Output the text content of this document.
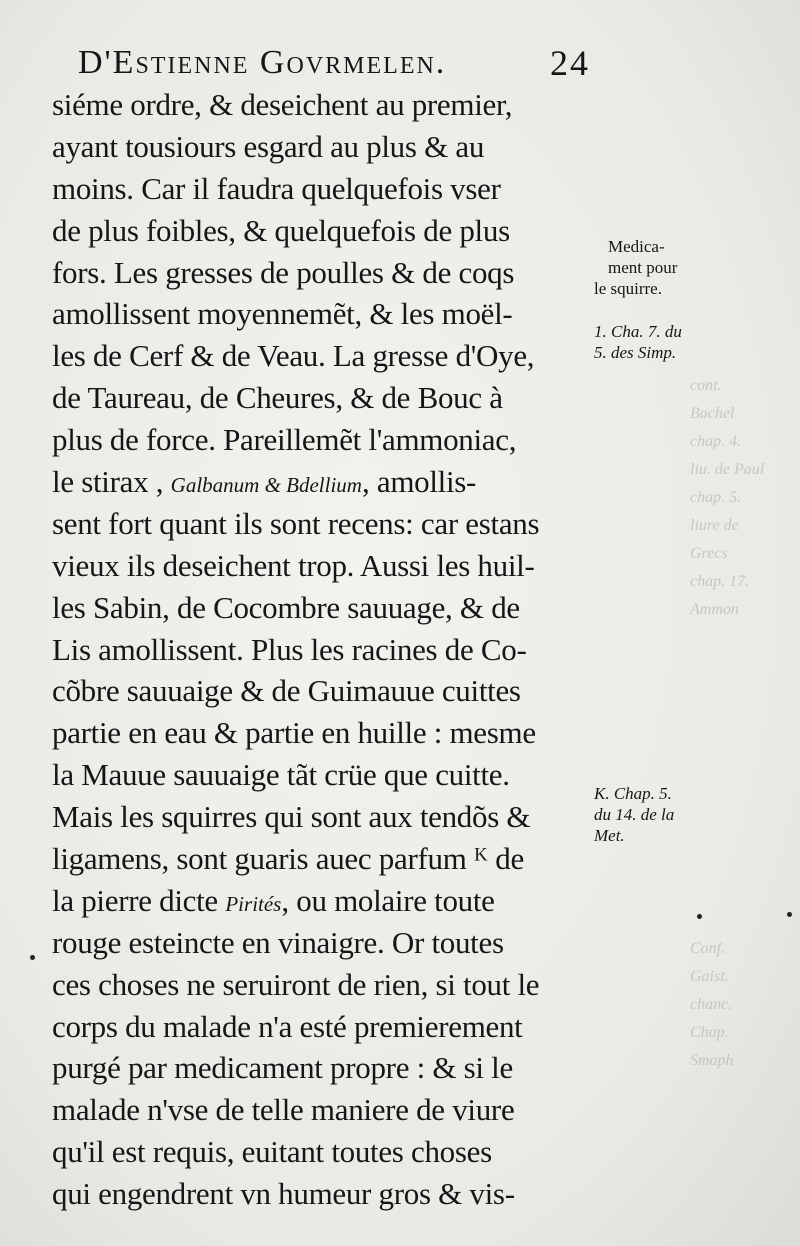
D'Estienne Govrmelen.	24
siéme ordre, & deseichent au premier,
ayant tousiours esgard au plus & au
moins. Car il faudra quelquefois vser
de plus foibles, & quelquefois de plus
fors. Les gresses de poulles & de coqs
amollissent moyennemẽt, & les moël-
les de Cerf & de Veau. La gresse d'Oye,
de Taureau, de Cheures, & de Bouc à
plus de force. Pareillemẽt l'ammoniac,
le stirax , Galbanum & Bdellium, amollis-
sent fort quant ils sont recens: car estans
vieux ils deseichent trop. Aussi les huil-
les Sabin, de Cocombre sauuage, & de
Lis amollissent. Plus les racines de Co-
cõbre sauuaige & de Guimauue cuittes
partie en eau & partie en huille : mesme
la Mauue sauuaige tãt crüe que cuitte.
Mais les squirres qui sont aux tendõs &
ligamens, sont guaris auec parfum ᴷ de
la pierre dicte Pirités, ou molaire toute
rouge esteincte en vinaigre. Or toutes
ces choses ne seruiront de rien, si tout le
corps du malade n'a esté premierement
purgé par medicament propre : & si le
malade n'vse de telle maniere de viure
qu'il est requis, euitant toutes choses
qui engendrent vn humeur gros & vis-
Medica-
ment pour
le squirre.
1. Cha. 7. du
5. des Simp.
K. Chap. 5.
du 14. de la
Met.
cont.
Bachel
chap. 4.
liu. de Paul
chap. 5.
liure de
Grecs
chap. 17.
Ammon
Conf.
Gaist.
chanc.
Chap.
Smaph
